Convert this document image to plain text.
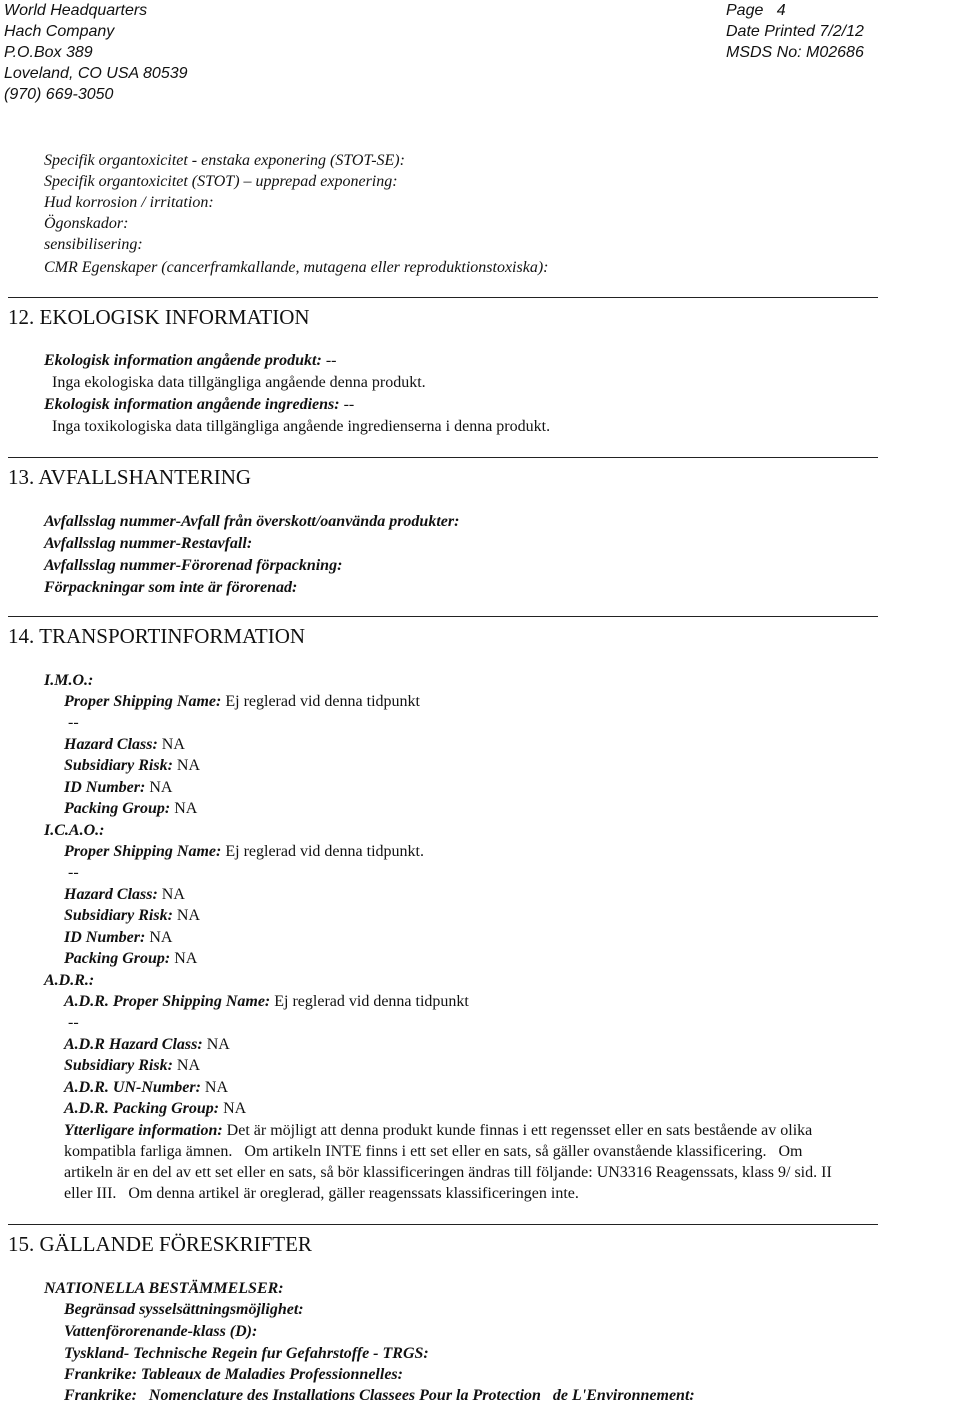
World Headquarters
Hach Company
P.O.Box 389
Loveland, CO USA 80539
(970) 669-3050
Page   4
Date Printed 7/2/12
MSDS No: M02686
Specifik organtoxicitet - enstaka exponering (STOT-SE):
Specifik organtoxicitet (STOT) – upprepad exponering:
Hud korrosion / irritation:
Ögonskador:
sensibilisering:
CMR Egenskaper (cancerframkallande, mutagena eller reproduktionstoxiska):
12. EKOLOGISK INFORMATION
Ekologisk information angående produkt: --
Inga ekologiska data tillgängliga angående denna produkt.
Ekologisk information angående ingrediens: --
Inga toxikologiska data tillgängliga angående ingredienserna i denna produkt.
13. AVFALLSHANTERING
Avfallsslag nummer-Avfall från överskott/oanvända produkter:
Avfallsslag nummer-Restavfall:
Avfallsslag nummer-Förorenad förpackning:
Förpackningar som inte är förorenad:
14. TRANSPORTINFORMATION
I.M.O.:
Proper Shipping Name: Ej reglerad vid denna tidpunkt
--
Hazard Class: NA
Subsidiary Risk: NA
ID Number: NA
Packing Group: NA
I.C.A.O.:
Proper Shipping Name: Ej reglerad vid denna tidpunkt.
--
Hazard Class: NA
Subsidiary Risk: NA
ID Number: NA
Packing Group: NA
A.D.R.:
A.D.R. Proper Shipping Name: Ej reglerad vid denna tidpunkt
--
A.D.R Hazard Class: NA
Subsidiary Risk: NA
A.D.R. UN-Number: NA
A.D.R. Packing Group: NA
Ytterligare information: Det är möjligt att denna produkt kunde finnas i ett regensset eller en sats bestående av olika
kompatibla farliga ämnen.   Om artikeln INTE finns i ett set eller en sats, så gäller ovanstående klassificering.   Om
artikeln är en del av ett set eller en sats, så bör klassificeringen ändras till följande: UN3316 Reagenssats, klass 9/ sid. II
eller III.   Om denna artikel är oreglerad, gäller reagenssats klassificeringen inte.
15. GÄLLANDE FÖRESKRIFTER
NATIONELLA BESTÄMMELSER:
Begränsad sysselsättningsmöjlighet:
Vattenförorenande-klass (D):
Tyskland- Technische Regein fur Gefahrstoffe - TRGS:
Frankrike: Tableaux de Maladies Professionnelles:
Frankrike:   Nomenclature des Installations Classees Pour la Protection   de L'Environnement:
